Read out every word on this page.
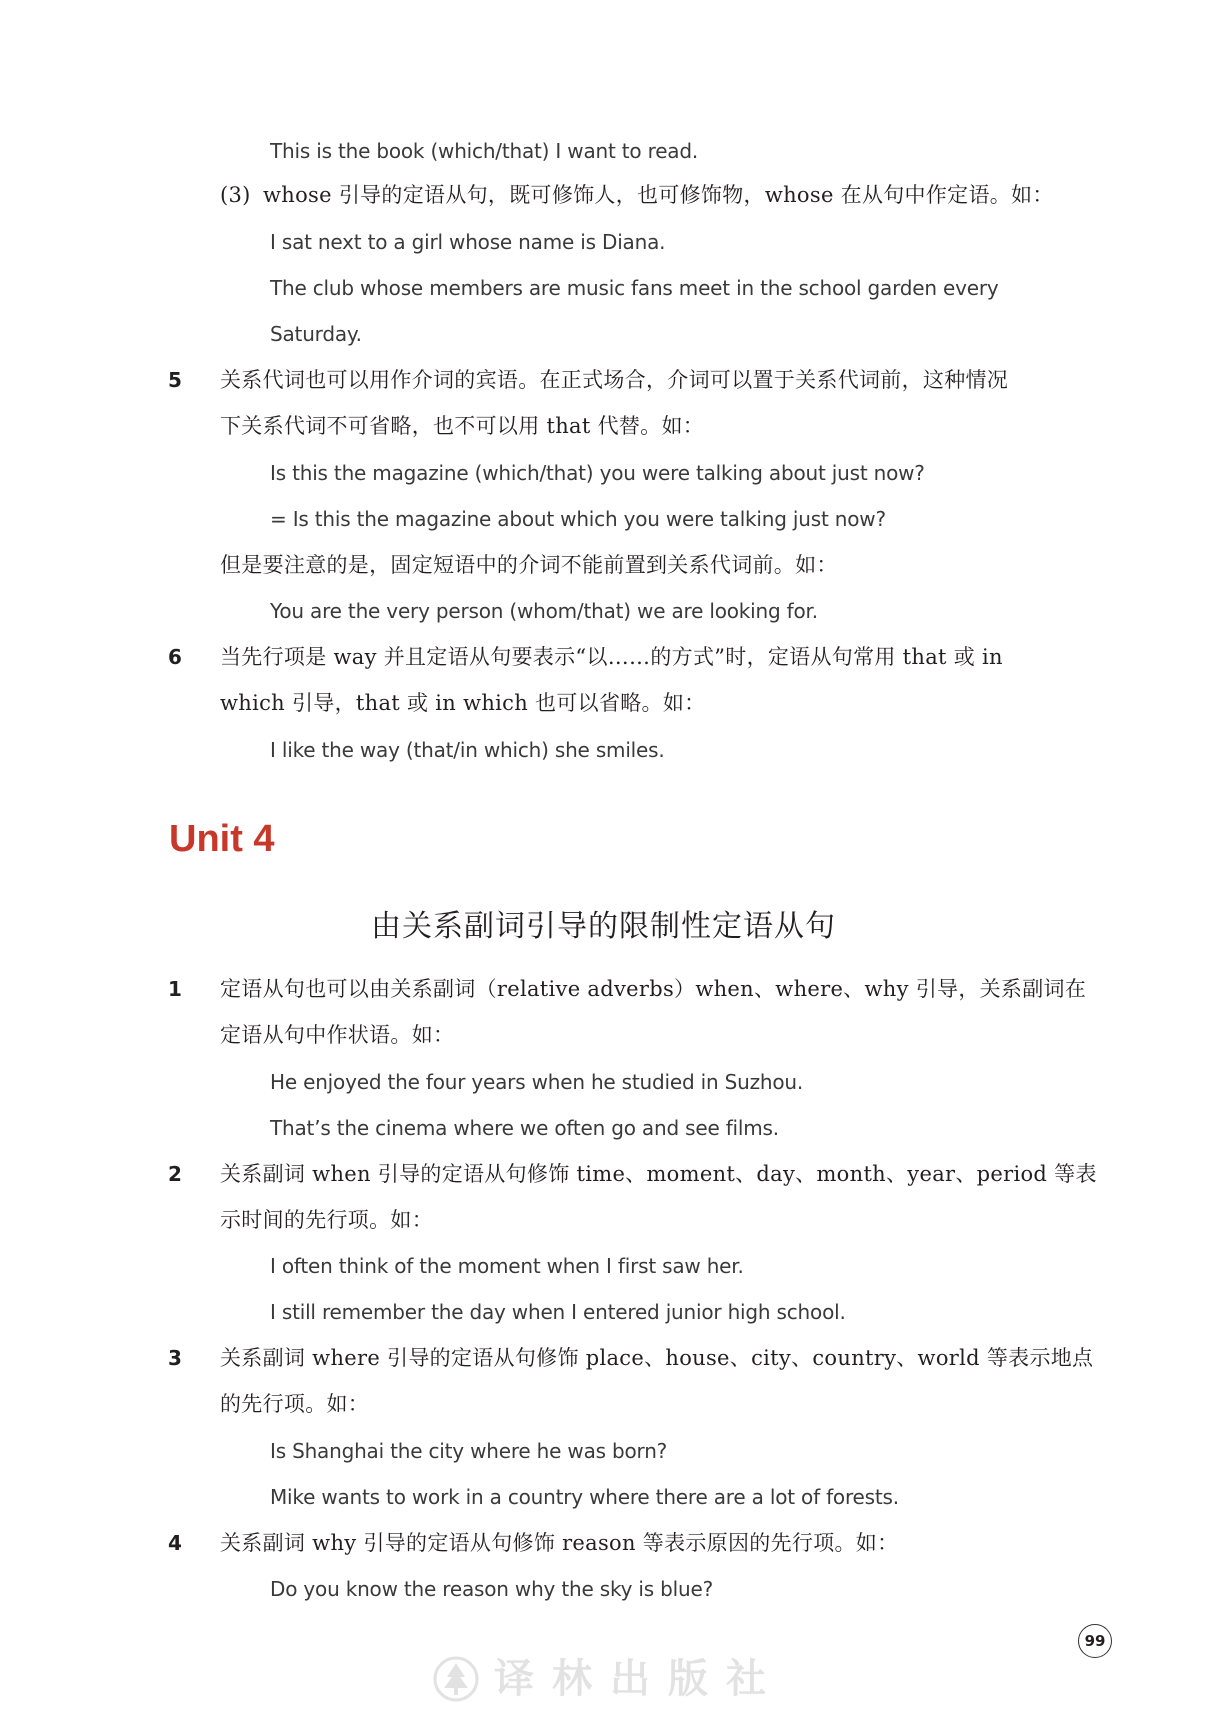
This is the book (which/that) I want to read.
(3) whose 引导的定语从句，既可修饰人，也可修饰物，whose 在从句中作定语。如：
I sat next to a girl whose name is Diana.
The club whose members are music fans meet in the school garden every
Saturday.
5 关系代词也可以用作介词的宾语。在正式场合，介词可以置于关系代词前，这种情况
下关系代词不可省略，也不可以用 that 代替。如：
Is this the magazine (which/that) you were talking about just now?
= Is this the magazine about which you were talking just now?
但是要注意的是，固定短语中的介词不能前置到关系代词前。如：
You are the very person (whom/that) we are looking for.
6 当先行项是 way 并且定语从句要表示“以……的方式”时，定语从句常用 that 或 in
which 引导，that 或 in which 也可以省略。如：
I like the way (that/in which) she smiles.
Unit 4
由关系副词引导的限制性定语从句
1 定语从句也可以由关系副词（relative adverbs）when、where、why 引导，关系副词在
定语从句中作状语。如：
He enjoyed the four years when he studied in Suzhou.
That’s the cinema where we often go and see films.
2 关系副词 when 引导的定语从句修饰 time、moment、day、month、year、period 等表
示时间的先行项。如：
I often think of the moment when I first saw her.
I still remember the day when I entered junior high school.
3 关系副词 where 引导的定语从句修饰 place、house、city、country、world 等表示地点
的先行项。如：
Is Shanghai the city where he was born?
Mike wants to work in a country where there are a lot of forests.
4 关系副词 why 引导的定语从句修饰 reason 等表示原因的先行项。如：
Do you know the reason why the sky is blue?
99
译林出版社
